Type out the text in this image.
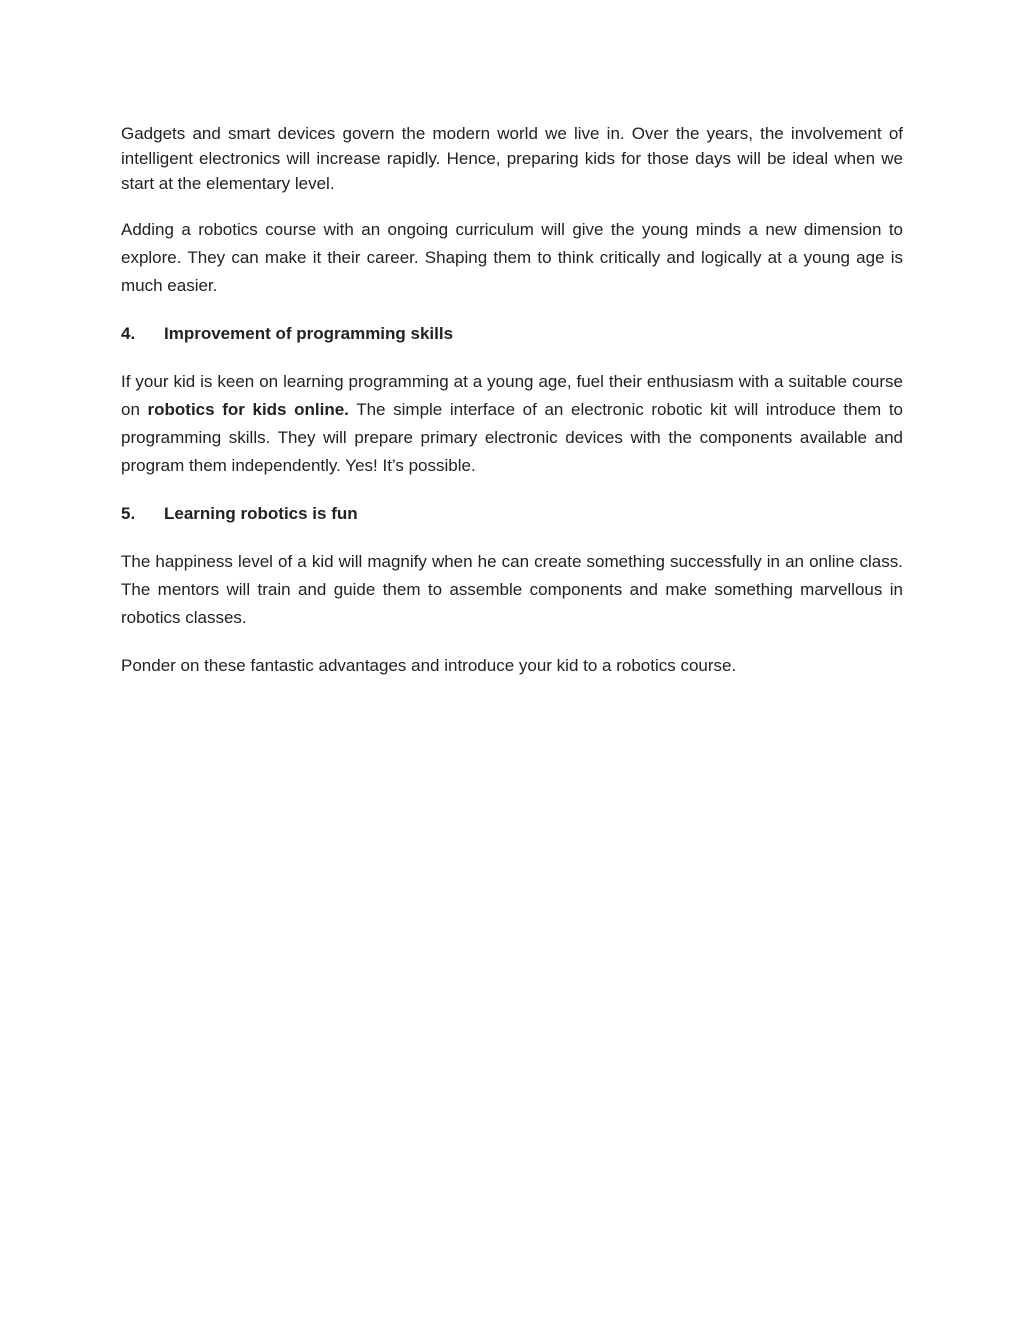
Gadgets and smart devices govern the modern world we live in. Over the years, the involvement of intelligent electronics will increase rapidly. Hence, preparing kids for those days will be ideal when we start at the elementary level.

Adding a robotics course with an ongoing curriculum will give the young minds a new dimension to explore. They can make it their career. Shaping them to think critically and logically at a young age is much easier.

4.	Improvement of programming skills

If your kid is keen on learning programming at a young age, fuel their enthusiasm with a suitable course on robotics for kids online. The simple interface of an electronic robotic kit will introduce them to programming skills. They will prepare primary electronic devices with the components available and program them independently. Yes! It’s possible.

5.	Learning robotics is fun

The happiness level of a kid will magnify when he can create something successfully in an online class. The mentors will train and guide them to assemble components and make something marvellous in robotics classes.

Ponder on these fantastic advantages and introduce your kid to a robotics course.
